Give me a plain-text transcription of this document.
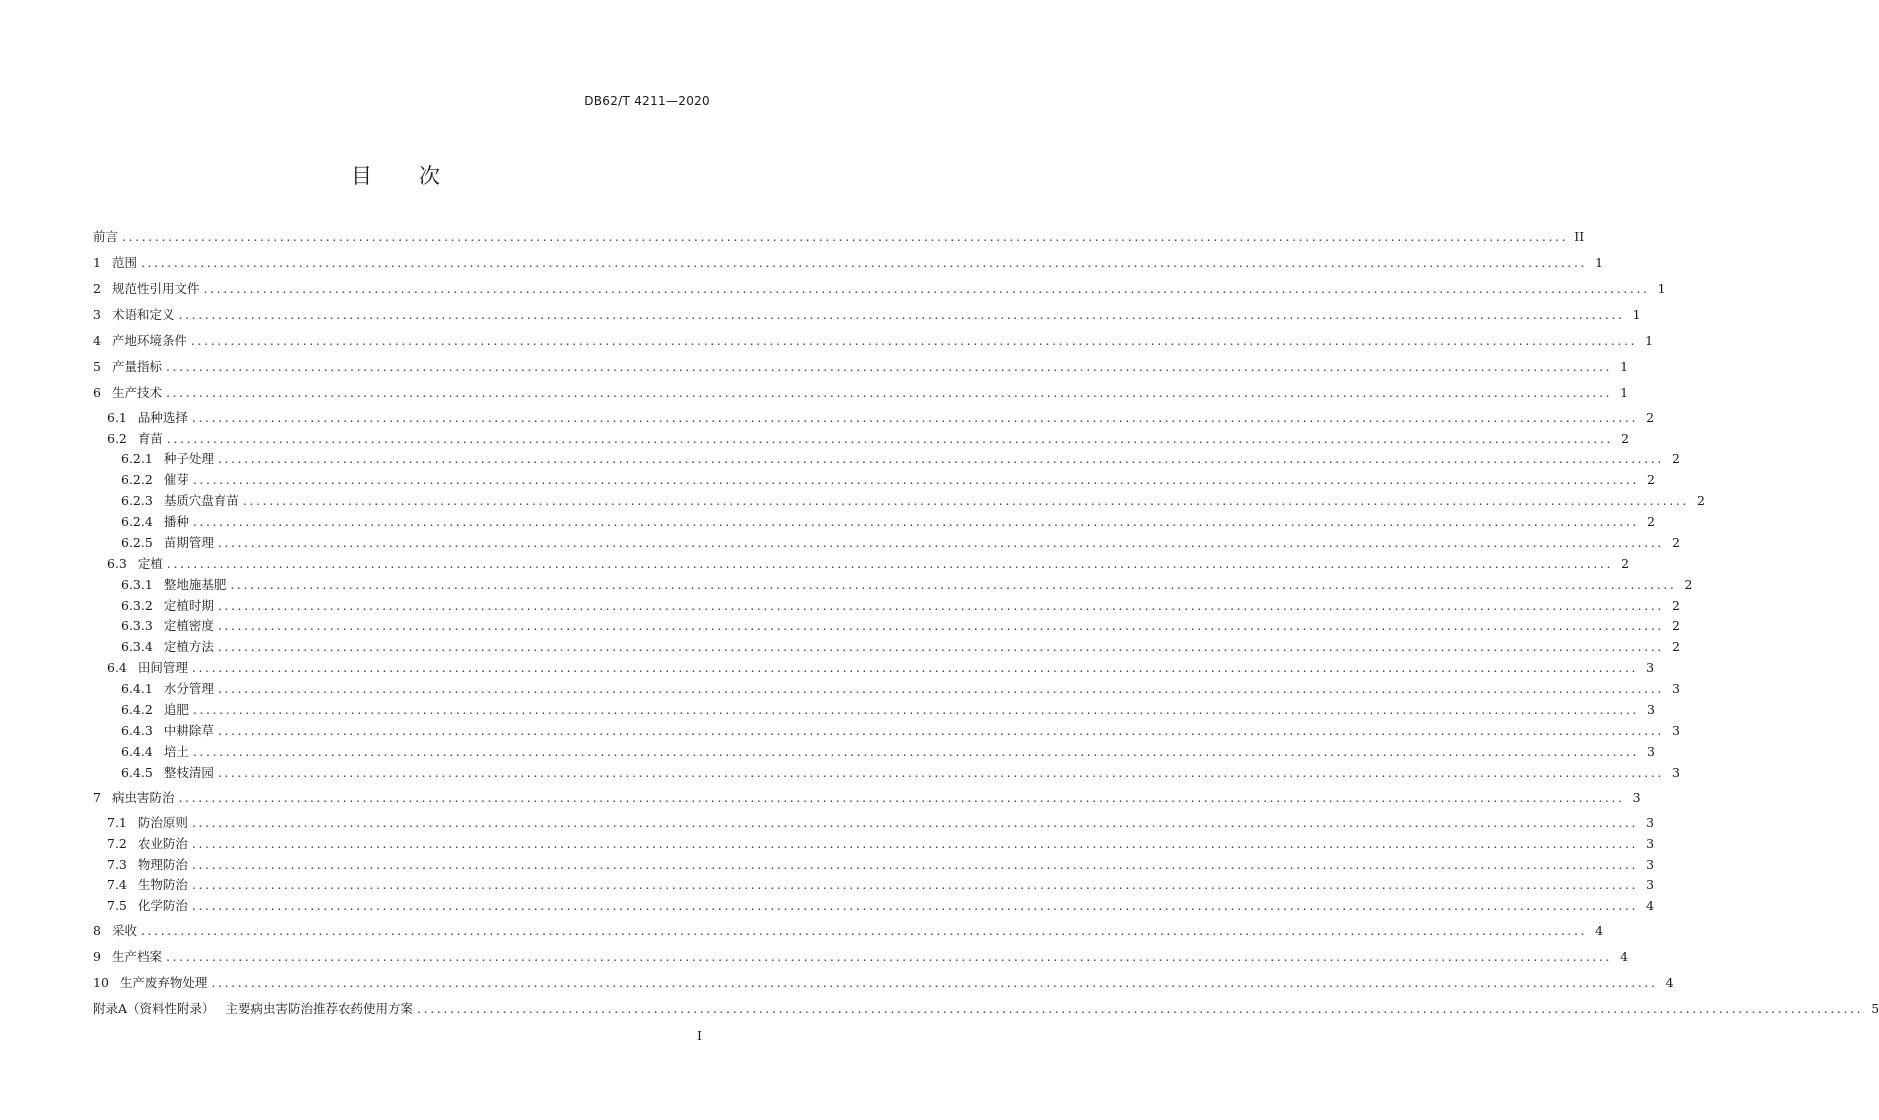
DB62/T 4211—2020
目 次
前言 ............................................................................................................................................................................................................................ II
1 范围 ............................................................................................................................................................................................................................ 1
2 规范性引用文件 ............................................................................................................................................................................................................................ 1
3 术语和定义 ............................................................................................................................................................................................................................ 1
4 产地环境条件 ............................................................................................................................................................................................................................ 1
5 产量指标 ............................................................................................................................................................................................................................ 1
6 生产技术 ............................................................................................................................................................................................................................ 1
6.1 品种选择 ............................................................................................................................................................................................................................ 2
6.2 育苗 ............................................................................................................................................................................................................................ 2
6.2.1 种子处理 ............................................................................................................................................................................................................................ 2
6.2.2 催芽 ............................................................................................................................................................................................................................ 2
6.2.3 基质穴盘育苗 ............................................................................................................................................................................................................................ 2
6.2.4 播种 ............................................................................................................................................................................................................................ 2
6.2.5 苗期管理 ............................................................................................................................................................................................................................ 2
6.3 定植 ............................................................................................................................................................................................................................ 2
6.3.1 整地施基肥 ............................................................................................................................................................................................................................ 2
6.3.2 定植时期 ............................................................................................................................................................................................................................ 2
6.3.3 定植密度 ............................................................................................................................................................................................................................ 2
6.3.4 定植方法 ............................................................................................................................................................................................................................ 2
6.4 田间管理 ............................................................................................................................................................................................................................ 3
6.4.1 水分管理 ............................................................................................................................................................................................................................ 3
6.4.2 追肥 ............................................................................................................................................................................................................................ 3
6.4.3 中耕除草 ............................................................................................................................................................................................................................ 3
6.4.4 培土 ............................................................................................................................................................................................................................ 3
6.4.5 整枝清园 ............................................................................................................................................................................................................................ 3
7 病虫害防治 ............................................................................................................................................................................................................................ 3
7.1 防治原则 ............................................................................................................................................................................................................................ 3
7.2 农业防治 ............................................................................................................................................................................................................................ 3
7.3 物理防治 ............................................................................................................................................................................................................................ 3
7.4 生物防治 ............................................................................................................................................................................................................................ 3
7.5 化学防治 ............................................................................................................................................................................................................................ 4
8 采收 ............................................................................................................................................................................................................................ 4
9 生产档案 ............................................................................................................................................................................................................................ 4
10 生产废弃物处理 ............................................................................................................................................................................................................................ 4
附录A（资料性附录） 主要病虫害防治推荐农药使用方案 ............................................................................................................................................................................................................................ 5
I
